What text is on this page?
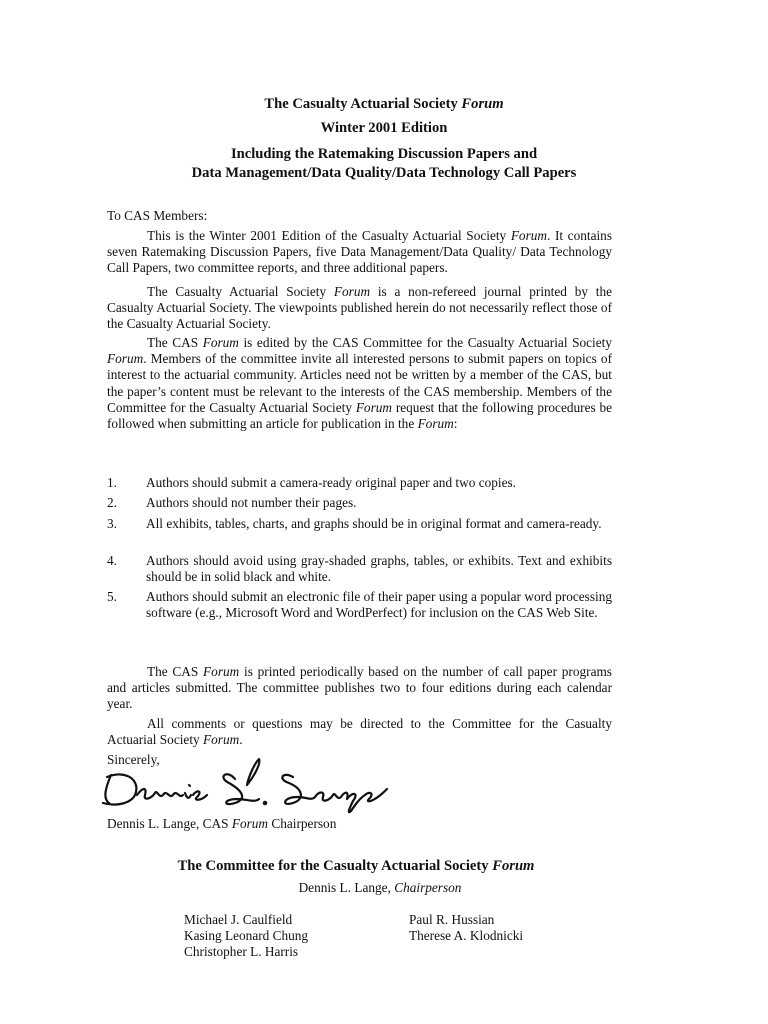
The Casualty Actuarial Society Forum
Winter 2001 Edition
Including the Ratemaking Discussion Papers and
Data Management/Data Quality/Data Technology Call Papers
To CAS Members:

This is the Winter 2001 Edition of the Casualty Actuarial Society Forum. It contains seven Ratemaking Discussion Papers, five Data Management/Data Quality/ Data Technology Call Papers, two committee reports, and three additional papers.

The Casualty Actuarial Society Forum is a non-refereed journal printed by the Casualty Actuarial Society. The viewpoints published herein do not necessarily reflect those of the Casualty Actuarial Society.

The CAS Forum is edited by the CAS Committee for the Casualty Actuarial Society Forum. Members of the committee invite all interested persons to submit papers on topics of interest to the actuarial community. Articles need not be written by a member of the CAS, but the paper’s content must be relevant to the interests of the CAS membership. Members of the Committee for the Casualty Actuarial Society Forum request that the following procedures be followed when submitting an article for publication in the Forum:

1. Authors should submit a camera-ready original paper and two copies.
2. Authors should not number their pages.
3. All exhibits, tables, charts, and graphs should be in original format and camera-ready.
4. Authors should avoid using gray-shaded graphs, tables, or exhibits. Text and exhibits should be in solid black and white.
5. Authors should submit an electronic file of their paper using a popular word processing software (e.g., Microsoft Word and WordPerfect) for inclusion on the CAS Web Site.

The CAS Forum is printed periodically based on the number of call paper programs and articles submitted. The committee publishes two to four editions during each calendar year.

All comments or questions may be directed to the Committee for the Casualty Actuarial Society Forum.

Sincerely,
Dennis L. Lange, CAS Forum Chairperson
The Committee for the Casualty Actuarial Society Forum
Dennis L. Lange, Chairperson
Michael J. Caulfield
Kasing Leonard Chung
Christopher L. Harris
Paul R. Hussian
Therese A. Klodnicki
